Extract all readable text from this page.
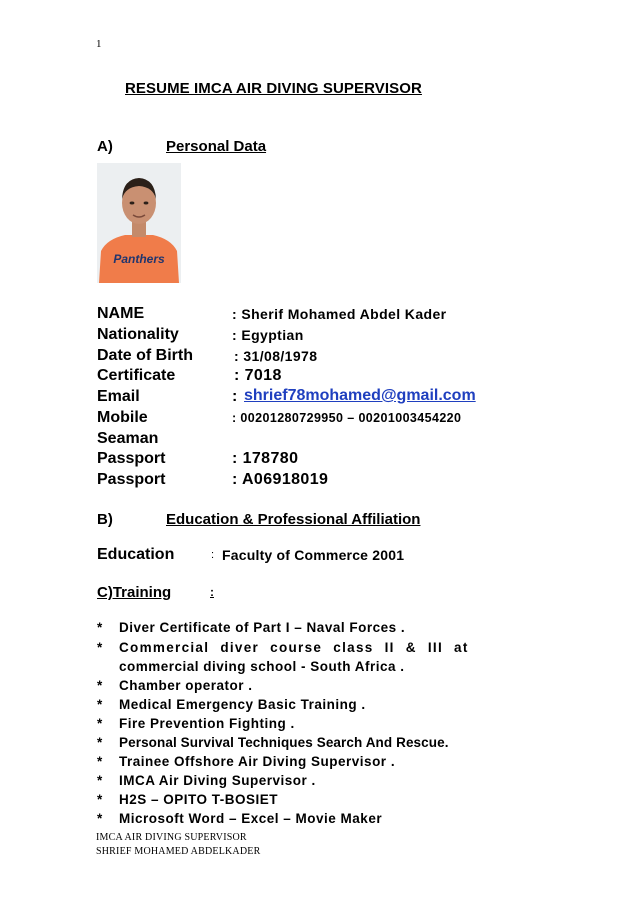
1
RESUME IMCA AIR DIVING SUPERVISOR
A)	Personal Data
Panthers
NAME	: Sherif Mohamed Abdel Kader
Nationality	: Egyptian
Date of Birth	: 31/08/1978
Certificate	: 7018
Email	: shrief78mohamed@gmail.com
Mobile	: 00201280729950 – 00201003454220
Seaman
Passport	: 178780
Passport	: A06918019
B)	Education & Professional Affiliation
Education	: Faculty of Commerce 2001
C)Training	:
* Diver Certificate of Part I – Naval Forces .
* Commercial diver course class II & III at
commercial diving school - South Africa .
* Chamber operator .
* Medical Emergency Basic Training .
* Fire Prevention Fighting .
* Personal Survival Techniques Search And Rescue.
* Trainee Offshore Air Diving Supervisor .
* IMCA Air Diving Supervisor .
* H2S – OPITO T-BOSIET
* Microsoft Word – Excel – Movie Maker
IMCA AIR DIVING SUPERVISOR
SHRIEF MOHAMED ABDELKADER
